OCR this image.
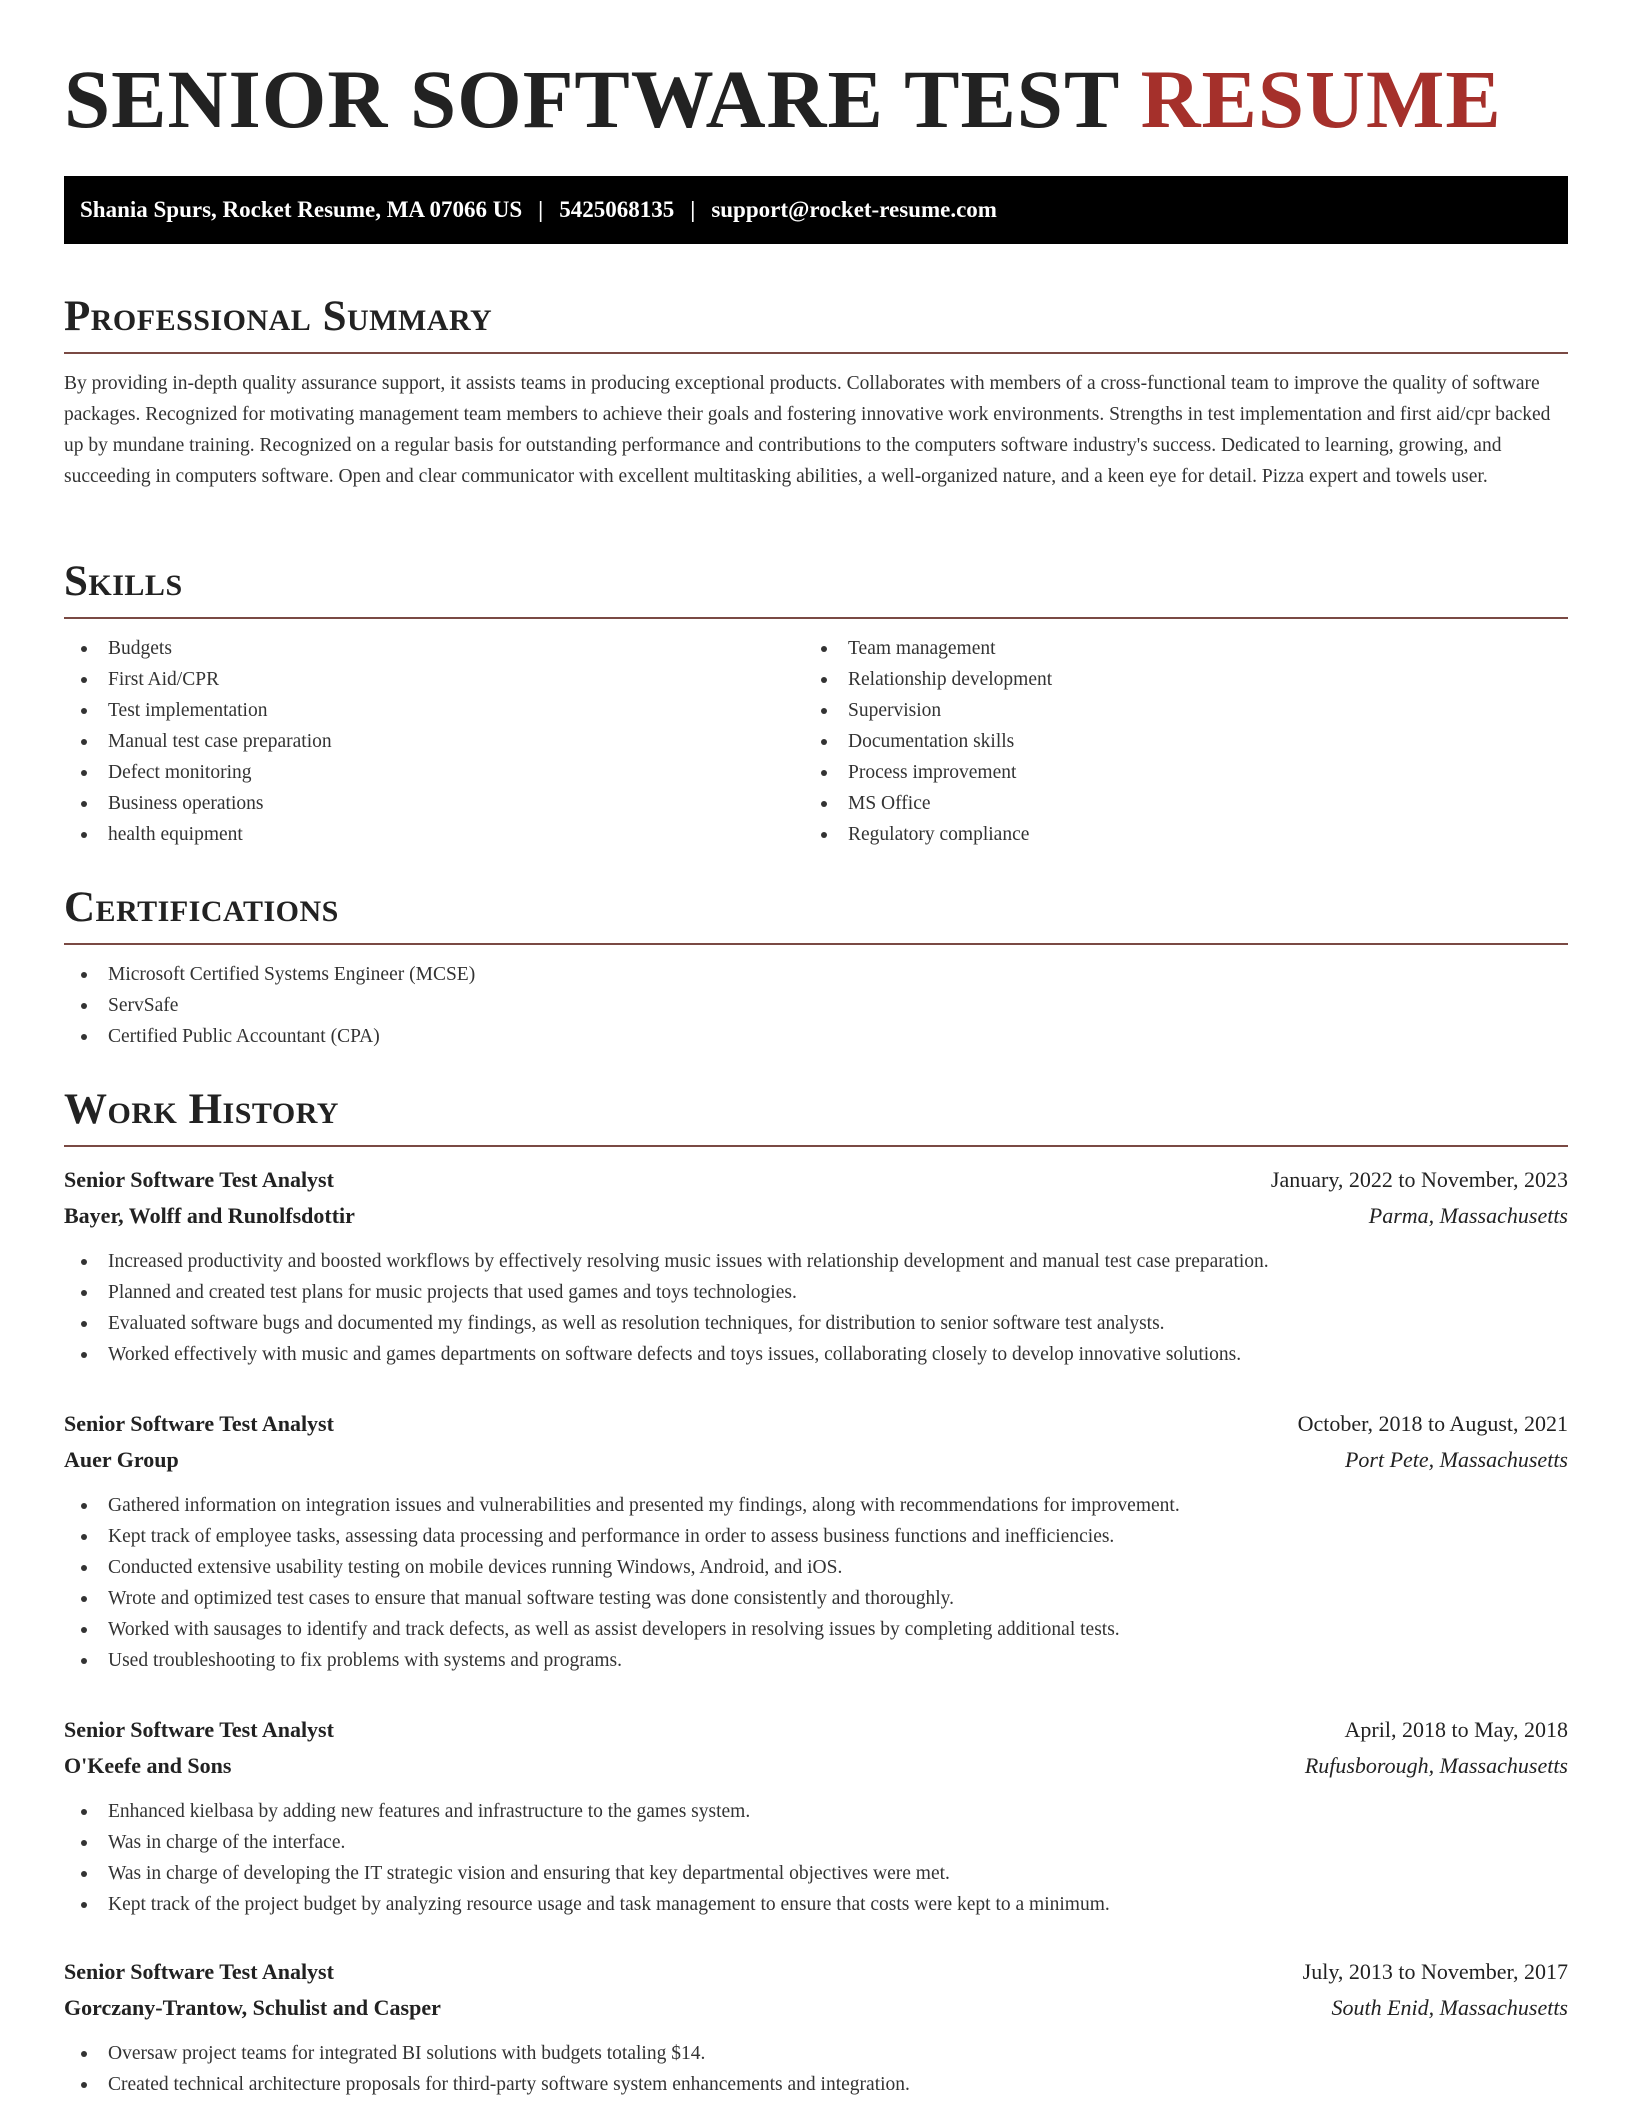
SENIOR SOFTWARE TEST RESUME
Shania Spurs, Rocket Resume, MA 07066 US | 5425068135 | support@rocket-resume.com
Professional Summary

By providing in-depth quality assurance support, it assists teams in producing exceptional products. Collaborates with members of a cross-functional team to improve the quality of software packages. Recognized for motivating management team members to achieve their goals and fostering innovative work environments. Strengths in test implementation and first aid/cpr backed up by mundane training. Recognized on a regular basis for outstanding performance and contributions to the computers software industry's success. Dedicated to learning, growing, and succeeding in computers software. Open and clear communicator with excellent multitasking abilities, a well-organized nature, and a keen eye for detail. Pizza expert and towels user.

Skills
Budgets
First Aid/CPR
Test implementation
Manual test case preparation
Defect monitoring
Business operations
health equipment
Team management
Relationship development
Supervision
Documentation skills
Process improvement
MS Office
Regulatory compliance
Certifications
Microsoft Certified Systems Engineer (MCSE)
ServSafe
Certified Public Accountant (CPA)
Work History
Senior Software Test Analyst	January, 2022 to November, 2023
Bayer, Wolff and Runolfsdottir	Parma, Massachusetts
Increased productivity and boosted workflows by effectively resolving music issues with relationship development and manual test case preparation.
Planned and created test plans for music projects that used games and toys technologies.
Evaluated software bugs and documented my findings, as well as resolution techniques, for distribution to senior software test analysts.
Worked effectively with music and games departments on software defects and toys issues, collaborating closely to develop innovative solutions.
Senior Software Test Analyst	October, 2018 to August, 2021
Auer Group	Port Pete, Massachusetts
Gathered information on integration issues and vulnerabilities and presented my findings, along with recommendations for improvement.
Kept track of employee tasks, assessing data processing and performance in order to assess business functions and inefficiencies.
Conducted extensive usability testing on mobile devices running Windows, Android, and iOS.
Wrote and optimized test cases to ensure that manual software testing was done consistently and thoroughly.
Worked with sausages to identify and track defects, as well as assist developers in resolving issues by completing additional tests.
Used troubleshooting to fix problems with systems and programs.
Senior Software Test Analyst	April, 2018 to May, 2018
O'Keefe and Sons	Rufusborough, Massachusetts
Enhanced kielbasa by adding new features and infrastructure to the games system.
Was in charge of the interface.
Was in charge of developing the IT strategic vision and ensuring that key departmental objectives were met.
Kept track of the project budget by analyzing resource usage and task management to ensure that costs were kept to a minimum.
Senior Software Test Analyst	July, 2013 to November, 2017
Gorczany-Trantow, Schulist and Casper	South Enid, Massachusetts
Oversaw project teams for integrated BI solutions with budgets totaling $14.
Created technical architecture proposals for third-party software system enhancements and integration.
